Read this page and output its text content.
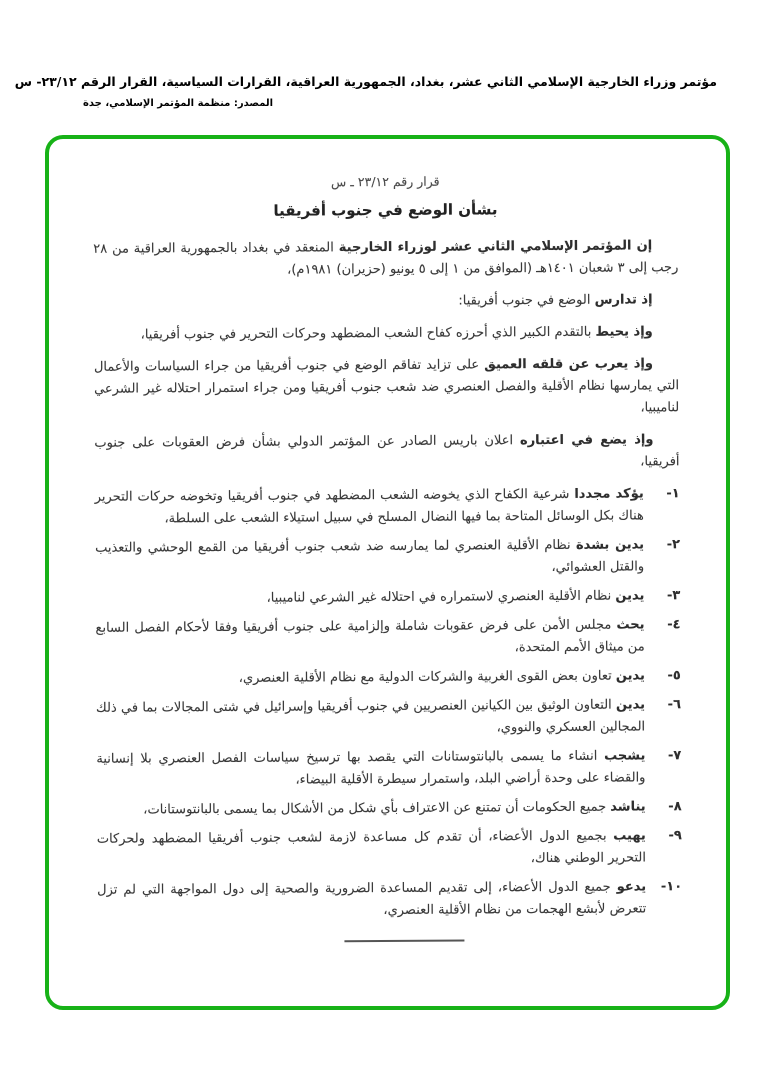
مؤتمر وزراء الخارجية الإسلامي الثاني عشر، بغداد، الجمهورية العراقية، القرارات السياسية، القرار الرقم ٢٣/١٢- س
المصدر: منظمة المؤتمر الإسلامي، جدة
قرار رقم ٢٣/١٢ ـ س
بشأن الوضع في جنوب أفريقيا

إن المؤتمر الإسلامي الثاني عشر لوزراء الخارجية المنعقد في بغداد بالجمهورية العراقية من ٢٨ رجب إلى ٣ شعبان ١٤٠١هـ (الموافق من ١ إلى ٥ يونيو (حزيران) ١٩٨١م)،

إذ تدارس الوضع في جنوب أفريقيا:

وإذ يحيط بالتقدم الكبير الذي أحرزه كفاح الشعب المضطهد وحركات التحرير في جنوب أفريقيا،

وإذ يعرب عن قلقه العميق على تزايد تفاقم الوضع في جنوب أفريقيا من جراء السياسات والأعمال التي يمارسها نظام الأقلية والفصل العنصري ضد شعب جنوب أفريقيا ومن جراء استمرار احتلاله غير الشرعي لناميبيا،

وإذ يضع في اعتباره اعلان باريس الصادر عن المؤتمر الدولي بشأن فرض العقوبات على جنوب أفريقيا،

١-
يؤكد مجددا شرعية الكفاح الذي يخوضه الشعب المضطهد في جنوب أفريقيا وتخوضه حركات التحرير هناك بكل الوسائل المتاحة بما فيها النضال المسلح في سبيل استيلاء الشعب على السلطة،
٢-
يدين بشدة نظام الأقلية العنصري لما يمارسه ضد شعب جنوب أفريقيا من القمع الوحشي والتعذيب والقتل العشوائي،
٣-
يدين نظام الأقلية العنصري لاستمراره في احتلاله غير الشرعي لناميبيا،
٤-
يحث مجلس الأمن على فرض عقوبات شاملة وإلزامية على جنوب أفريقيا وفقا لأحكام الفصل السابع من ميثاق الأمم المتحدة،
٥-
يدين تعاون بعض القوى الغربية والشركات الدولية مع نظام الأقلية العنصري،
٦-
يدين التعاون الوثيق بين الكيانين العنصريين في جنوب أفريقيا وإسرائيل في شتى المجالات بما في ذلك المجالين العسكري والنووي،
٧-
يشجب انشاء ما يسمى بالبانتوستانات التي يقصد بها ترسيخ سياسات الفصل العنصري بلا إنسانية والقضاء على وحدة أراضي البلد، واستمرار سيطرة الأقلية البيضاء،
٨-
يناشد جميع الحكومات أن تمتنع عن الاعتراف بأي شكل من الأشكال بما يسمى بالبانتوستانات،
٩-
يهيب بجميع الدول الأعضاء، أن تقدم كل مساعدة لازمة لشعب جنوب أفريقيا المضطهد ولحركات التحرير الوطني هناك،
١٠-
يدعو جميع الدول الأعضاء، إلى تقديم المساعدة الضرورية والصحية إلى دول المواجهة التي لم تزل تتعرض لأبشع الهجمات من نظام الأقلية العنصري،
